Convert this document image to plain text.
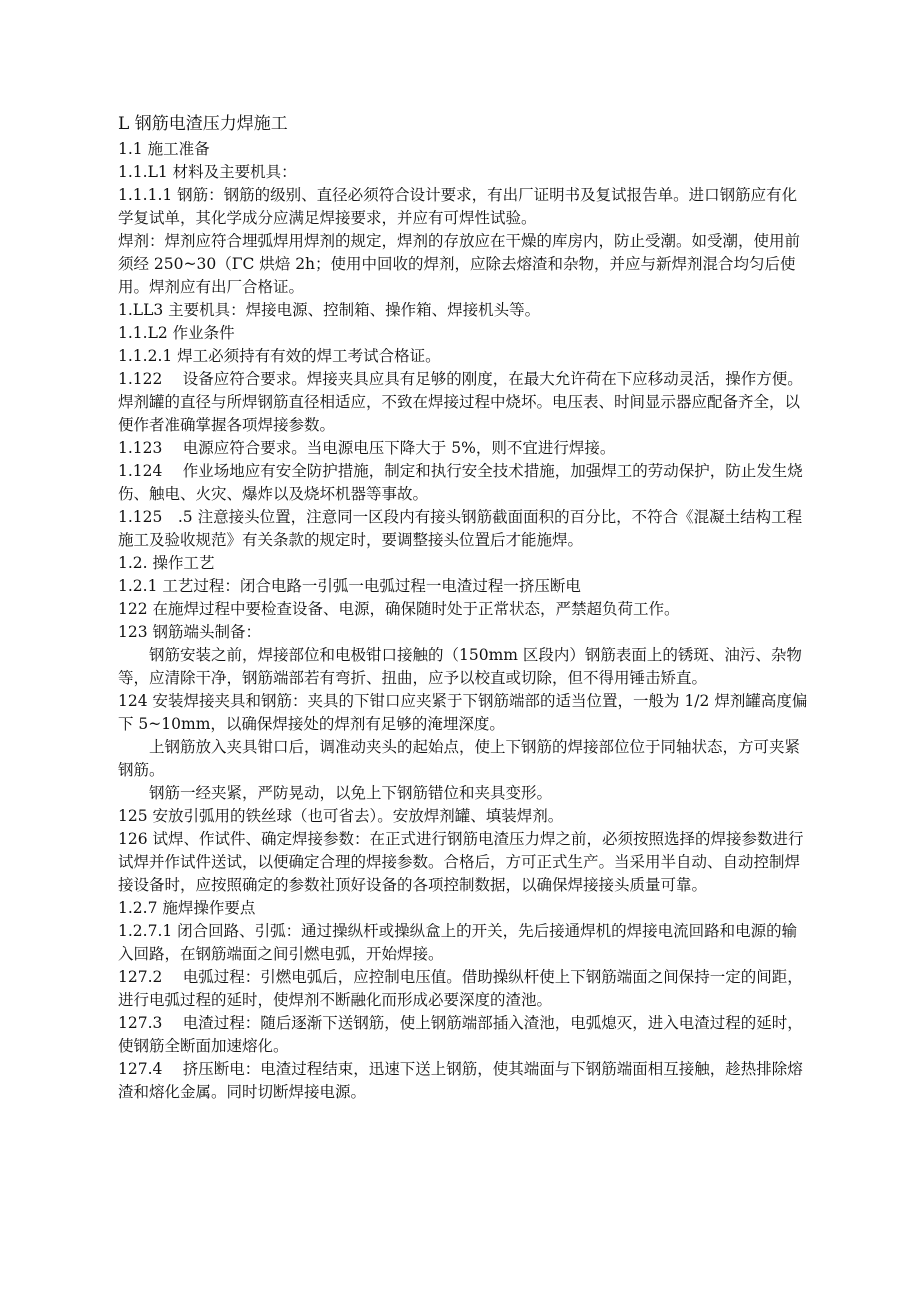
L 钢筋电渣压力焊施工

1.1 施工准备

1.1.L1 材料及主要机具：

1.1.1.1 钢筋：钢筋的级别、直径必须符合设计要求，有出厂证明书及复试报告单。进口钢筋应有化学复试单，其化学成分应满足焊接要求，并应有可焊性试验。

焊剂：焊剂应符合埋弧焊用焊剂的规定，焊剂的存放应在干燥的库房内，防止受潮。如受潮，使用前须经 250~30（ΓC 烘焙 2h；使用中回收的焊剂，应除去熔渣和杂物，并应与新焊剂混合均匀后使用。焊剂应有出厂合格证。

1.LL3 主要机具：焊接电源、控制箱、操作箱、焊接机头等。

1.1.L2 作业条件

1.1.2.1 焊工必须持有有效的焊工考试合格证。

1.122　 设备应符合要求。焊接夹具应具有足够的刚度，在最大允许荷在下应移动灵活，操作方便。焊剂罐的直径与所焊钢筋直径相适应，不致在焊接过程中烧坏。电压表、时间显示器应配备齐全，以便作者准确掌握各项焊接参数。

1.123　 电源应符合要求。当电源电压下降大于 5%，则不宜进行焊接。

1.124　 作业场地应有安全防护措施，制定和执行安全技术措施，加强焊工的劳动保护，防止发生烧伤、触电、火灾、爆炸以及烧坏机器等事故。

1.125　.5 注意接头位置，注意同一区段内有接头钢筋截面面积的百分比，不符合《混凝土结构工程施工及验收规范》有关条款的规定时，要调整接头位置后才能施焊。

1.2. 操作工艺

1.2.1 工艺过程：闭合电路一引弧一电弧过程一电渣过程一挤压断电

122 在施焊过程中要检查设备、电源，确保随时处于正常状态，严禁超负荷工作。

123 钢筋端头制备：

钢筋安装之前，焊接部位和电极钳口接触的（150mm 区段内）钢筋表面上的锈斑、油污、杂物等，应清除干净，钢筋端部若有弯折、扭曲，应予以校直或切除，但不得用锤击矫直。

124 安装焊接夹具和钢筋：夹具的下钳口应夹紧于下钢筋端部的适当位置，一般为 1/2 焊剂罐高度偏下 5~10mm，以确保焊接处的焊剂有足够的淹埋深度。

上钢筋放入夹具钳口后，调准动夹头的起始点，使上下钢筋的焊接部位位于同轴状态，方可夹紧钢筋。

钢筋一经夹紧，严防晃动，以免上下钢筋错位和夹具变形。

125 安放引弧用的铁丝球（也可省去）。安放焊剂罐、填装焊剂。

126 试焊、作试件、确定焊接参数：在正式进行钢筋电渣压力焊之前，必须按照选择的焊接参数进行试焊并作试件送试，以便确定合理的焊接参数。合格后，方可正式生产。当采用半自动、自动控制焊接设备时，应按照确定的参数社顶好设备的各项控制数据，以确保焊接接头质量可靠。

1.2.7 施焊操作要点

1.2.7.1 闭合回路、引弧：通过操纵杆或操纵盒上的开关，先后接通焊机的焊接电流回路和电源的输入回路，在钢筋端面之间引燃电弧，开始焊接。

127.2　 电弧过程：引燃电弧后，应控制电压值。借助操纵杆使上下钢筋端面之间保持一定的间距，进行电弧过程的延时，使焊剂不断融化而形成必要深度的渣池。

127.3　 电渣过程：随后逐渐下送钢筋，使上钢筋端部插入渣池，电弧熄灭，进入电渣过程的延时，使钢筋全断面加速熔化。

127.4　 挤压断电：电渣过程结束，迅速下送上钢筋，使其端面与下钢筋端面相互接触，趁热排除熔渣和熔化金属。同时切断焊接电源。
